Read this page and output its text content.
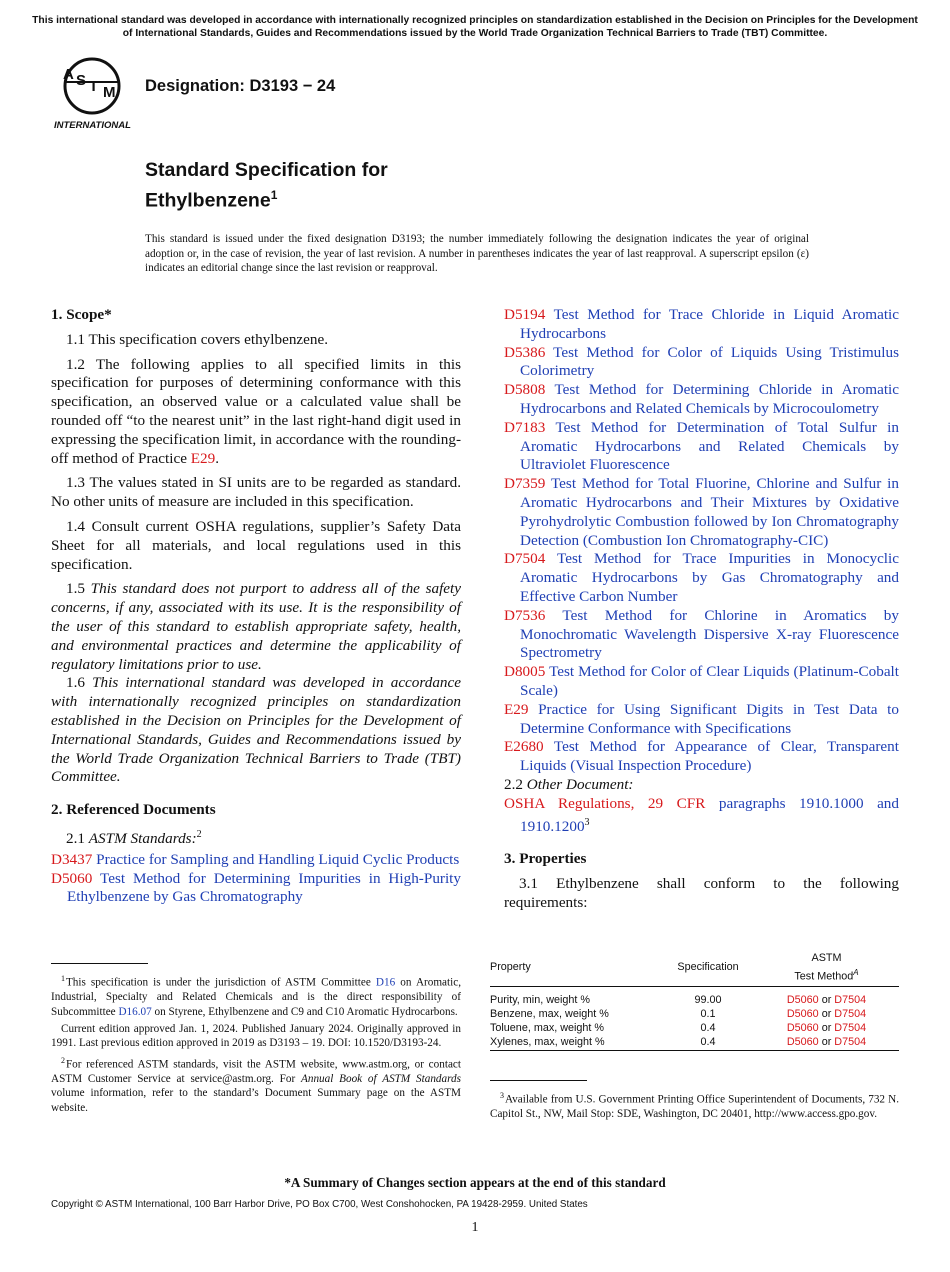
This international standard was developed in accordance with internationally recognized principles on standardization established in the Decision on Principles for the Development of International Standards, Guides and Recommendations issued by the World Trade Organization Technical Barriers to Trade (TBT) Committee.
A S T M
INTERNATIONAL
Designation: D3193 − 24
Standard Specification for
Ethylbenzene$^1$
This standard is issued under the fixed designation D3193; the number immediately following the designation indicates the year of original adoption or, in the case of revision, the year of last revision. A number in parentheses indicates the year of last reapproval. A superscript epsilon (ε) indicates an editorial change since the last revision or reapproval.
1. Scope*

1.1 This specification covers ethylbenzene.

1.2 The following applies to all specified limits in this specification for purposes of determining conformance with this specification, an observed value or a calculated value shall be rounded off “to the nearest unit” in the last right-hand digit used in expressing the specification limit, in accordance with the rounding-off method of Practice E29.

1.3 The values stated in SI units are to be regarded as standard. No other units of measure are included in this specification.

1.4 Consult current OSHA regulations, supplier’s Safety Data Sheet for all materials, and local regulations used in this specification.

1.5 This standard does not purport to address all of the safety concerns, if any, associated with its use. It is the responsibility of the user of this standard to establish appropriate safety, health, and environmental practices and determine the applicability of regulatory limitations prior to use.

1.6 This international standard was developed in accordance with internationally recognized principles on standardization established in the Decision on Principles for the Development of International Standards, Guides and Recommendations issued by the World Trade Organization Technical Barriers to Trade (TBT) Committee.

2. Referenced Documents

2.1 ASTM Standards:$^2$

D3437 Practice for Sampling and Handling Liquid Cyclic Products

D5060 Test Method for Determining Impurities in High-Purity Ethylbenzene by Gas Chromatography

$^1$ This specification is under the jurisdiction of ASTM Committee D16 on Aromatic, Industrial, Specialty and Related Chemicals and is the direct responsibility of Subcommittee D16.07 on Styrene, Ethylbenzene and C9 and C10 Aromatic Hydrocarbons.

Current edition approved Jan. 1, 2024. Published January 2024. Originally approved in 1991. Last previous edition approved in 2019 as D3193 – 19. DOI: 10.1520/D3193-24.

$^2$ For referenced ASTM standards, visit the ASTM website, www.astm.org, or contact ASTM Customer Service at service@astm.org. For Annual Book of ASTM Standards volume information, refer to the standard’s Document Summary page on the ASTM website.

D5194 Test Method for Trace Chloride in Liquid Aromatic Hydrocarbons

D5386 Test Method for Color of Liquids Using Tristimulus Colorimetry

D5808 Test Method for Determining Chloride in Aromatic Hydrocarbons and Related Chemicals by Microcoulometry

D7183 Test Method for Determination of Total Sulfur in Aromatic Hydrocarbons and Related Chemicals by Ultraviolet Fluorescence

D7359 Test Method for Total Fluorine, Chlorine and Sulfur in Aromatic Hydrocarbons and Their Mixtures by Oxidative Pyrohydrolytic Combustion followed by Ion Chromatography Detection (Combustion Ion Chromatography-CIC)

D7504 Test Method for Trace Impurities in Monocyclic Aromatic Hydrocarbons by Gas Chromatography and Effective Carbon Number

D7536 Test Method for Chlorine in Aromatics by Monochromatic Wavelength Dispersive X-ray Fluorescence Spectrometry

D8005 Test Method for Color of Clear Liquids (Platinum-Cobalt Scale)

E29 Practice for Using Significant Digits in Test Data to Determine Conformance with Specifications

E2680 Test Method for Appearance of Clear, Transparent Liquids (Visual Inspection Procedure)

2.2 Other Document:

OSHA Regulations, 29 CFR paragraphs 1910.1000 and 1910.1200$^3$

3. Properties

3.1 Ethylbenzene shall conform to the following requirements:

Property	Specification	ASTM
Test Method$^A$
Purity, min, weight %	99.00	D5060 or D7504
Benzene, max, weight %	0.1	D5060 or D7504
Toluene, max, weight %	0.4	D5060 or D7504
Xylenes, max, weight %	0.4	D5060 or D7504

$^3$ Available from U.S. Government Printing Office Superintendent of Documents, 732 N. Capitol St., NW, Mail Stop: SDE, Washington, DC 20401, http://www.access.gpo.gov.

*A Summary of Changes section appears at the end of this standard
Copyright © ASTM International, 100 Barr Harbor Drive, PO Box C700, West Conshohocken, PA 19428-2959. United States
1
